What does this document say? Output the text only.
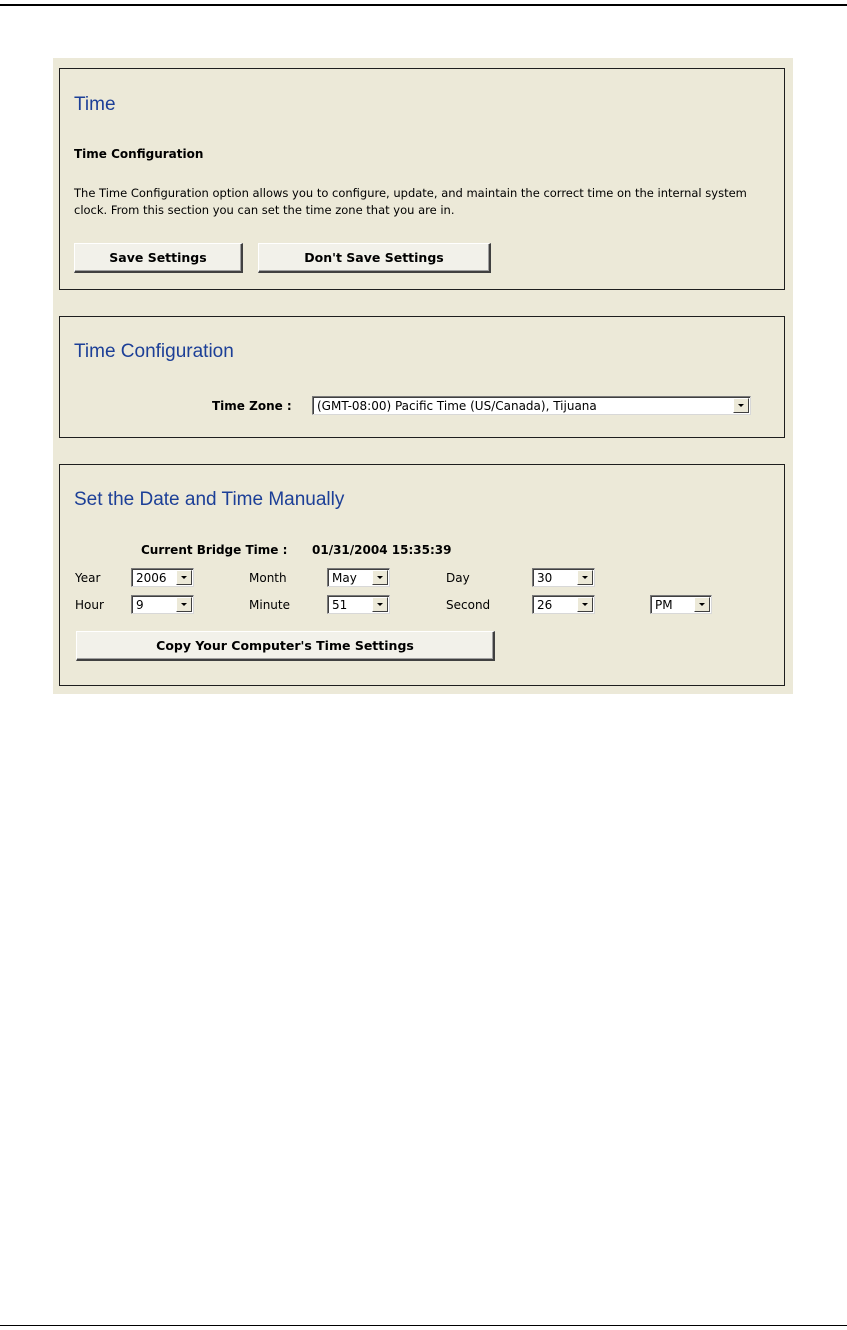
Time
Time Configuration
The Time Configuration option allows you to configure, update, and maintain the correct time on the internal system clock. From this section you can set the time zone that you are in.
Save Settings	Don't Save Settings
Time Configuration
Time Zone : (GMT-08:00) Pacific Time (US/Canada), Tijuana
Set the Date and Time Manually
Current Bridge Time : 01/31/2004 15:35:39
Year	2006	Month	May	Day	30
Hour	9	Minute	51	Second	26	PM
Copy Your Computer's Time Settings
